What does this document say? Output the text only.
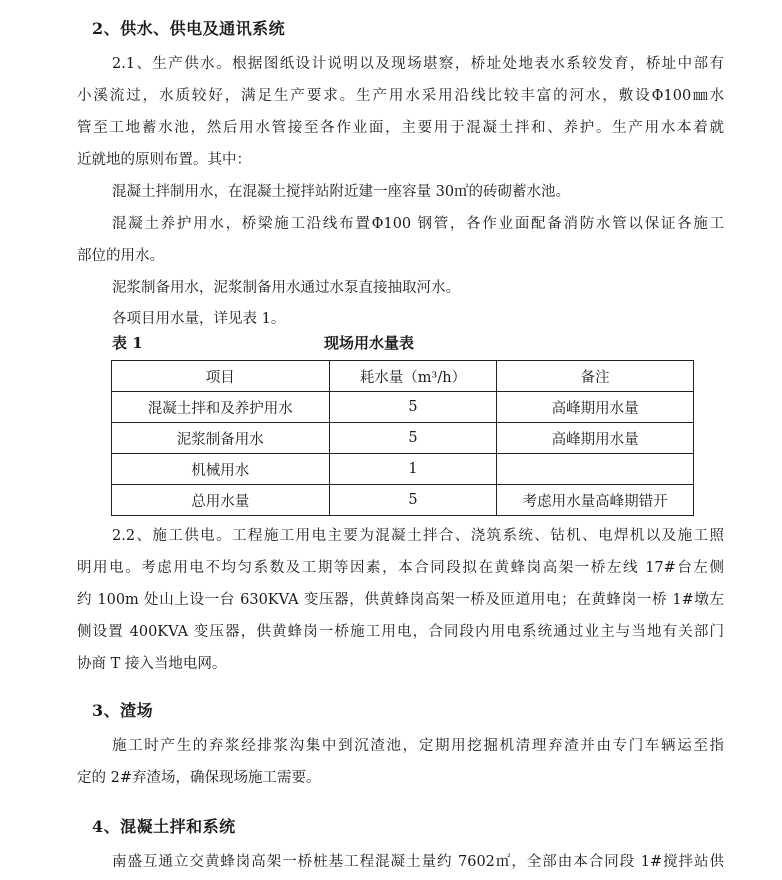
2、供水、供电及通讯系统
2.1、生产供水。根据图纸设计说明以及现场堪察，桥址处地表水系较发育，桥址中部有
小溪流过，水质较好，满足生产要求。生产用水采用沿线比较丰富的河水，敷设Φ100㎜水
管至工地蓄水池，然后用水管接至各作业面，主要用于混凝土拌和、养护。生产用水本着就
近就地的原则布置。其中：
混凝土拌制用水，在混凝土搅拌站附近建一座容量 30㎡的砖砌蓄水池。
混凝土养护用水，桥梁施工沿线布置Φ100 钢管，各作业面配备消防水管以保证各施工
部位的用水。
泥浆制备用水，泥浆制备用水通过水泵直接抽取河水。
各项目用水量，详见表 1。
表 1	现场用水量表
项目	耗水量（m³/h）	备注
混凝土拌和及养护用水	5	高峰期用水量
泥浆制备用水	5	高峰期用水量
机械用水	1	
总用水量	5	考虑用水量高峰期错开
2.2、施工供电。工程施工用电主要为混凝土拌合、浇筑系统、钻机、电焊机以及施工照
明用电。考虑用电不均匀系数及工期等因素，本合同段拟在黄蜂岗高架一桥左线 17#台左侧
约 100m 处山上设一台 630KVA 变压器，供黄蜂岗高架一桥及匝道用电；在黄蜂岗一桥 1#墩左
侧设置 400KVA 变压器，供黄蜂岗一桥施工用电，合同段内用电系统通过业主与当地有关部门
协商 T 接入当地电网。
3、渣场
施工时产生的弃浆经排浆沟集中到沉渣池，定期用挖掘机清理弃渣并由专门车辆运至指
定的 2#弃渣场，确保现场施工需要。
4、混凝土拌和系统
南盛互通立交黄蜂岗高架一桥桩基工程混凝土量约 7602㎡，全部由本合同段 1#搅拌站供
